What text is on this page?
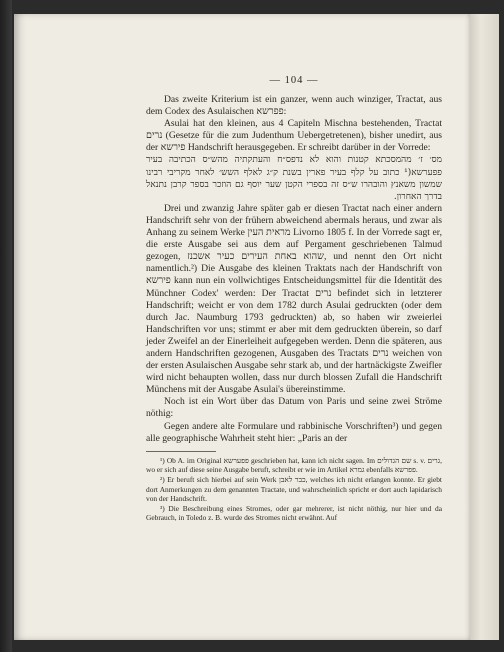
— 104 —

Das zweite Kriterium ist ein ganzer, wenn auch winziger, Tractat, aus dem Codex des Asulaischen פפרשא:

Asulai hat den kleinen, aus 4 Capiteln Mischna bestehenden, Tractat נרים (Gesetze für die zum Judenthum Uebergetretenen), bisher unedirt, aus der פירשא Handschrift herausgegeben. Er schreibt darüber in der Vorrede:

מס׳ ז׳ מהמסכתא קטנות והוא לא נדפס״ח והעתקתיה מהש״ס הכתיבה בעיר פפערשא(¹ כתוב על קלף בעיר פארין בשנת ק״ג לאלף השש׳ לאחר מקריבי רבינו שמשון משאנץ והובהרו ש״ס זה בספרי הקטן שער יוסף גם הוזכר בספר קרבן נתנאל בדרך האחרון.

Drei und zwanzig Jahre später gab er diesen Tractat nach einer andern Handschrift sehr von der frühern abweichend abermals heraus, und zwar als Anhang zu seinem Werke מראית העין Livorno 1805 f. In der Vorrede sagt er, die erste Ausgabe sei aus dem auf Pergament geschriebenen Talmud gezogen, שהוא באחת העירים כעיר אשכנז, und nennt den Ort nicht namentlich.²) Die Ausgabe des kleinen Traktats nach der Handschrift von פירשא kann nun ein vollwichtiges Entscheidungsmittel für die Identität des Münchner Codex' werden: Der Tractat נרים befindet sich in letzterer Handschrift; weicht er von dem 1782 durch Asulai gedruckten (oder dem durch Jac. Naumburg 1793 gedruckten) ab, so haben wir zweierlei Handschriften vor uns; stimmt er aber mit dem gedruckten überein, so darf jeder Zweifel an der Einerleiheit aufgegeben werden. Denn die späteren, aus andern Handschriften gezogenen, Ausgaben des Tractats נרים weichen von der ersten Asulaischen Ausgabe sehr stark ab, und der hartnäckigste Zweifler wird nicht behaupten wollen, dass nur durch blossen Zufall die Handschrift Münchens mit der Ausgabe Asulai's übereinstimme.

Noch ist ein Wort über das Datum von Paris und seine zwei Ströme nöthig:

Gegen andere alte Formulare und rabbinische Vorschriften³) und gegen alle geographische Wahrheit steht hier: „Paris an der

¹) Ob A. im Original פפערשא geschrieben hat, kann ich nicht sagen. Im שם הגדולים s. v. גרים, wo er sich auf diese seine Ausgabe beruft, schreibt er wie im Artikel גמרא ebenfalls פפרשא.

²) Er beruft sich hierbei auf sein Werk כבר לאבן, welches ich nicht erlangen konnte. Er giebt dort Anmerkungen zu dem genannten Tractate, und wahrscheinlich spricht er dort auch lapidarisch von der Handschrift.

³) Die Beschreibung eines Stromes, oder gar mehrerer, ist nicht nöthig, nur hier und da Gebrauch, in Toledo z. B. wurde des Stromes nicht erwähnt. Auf
